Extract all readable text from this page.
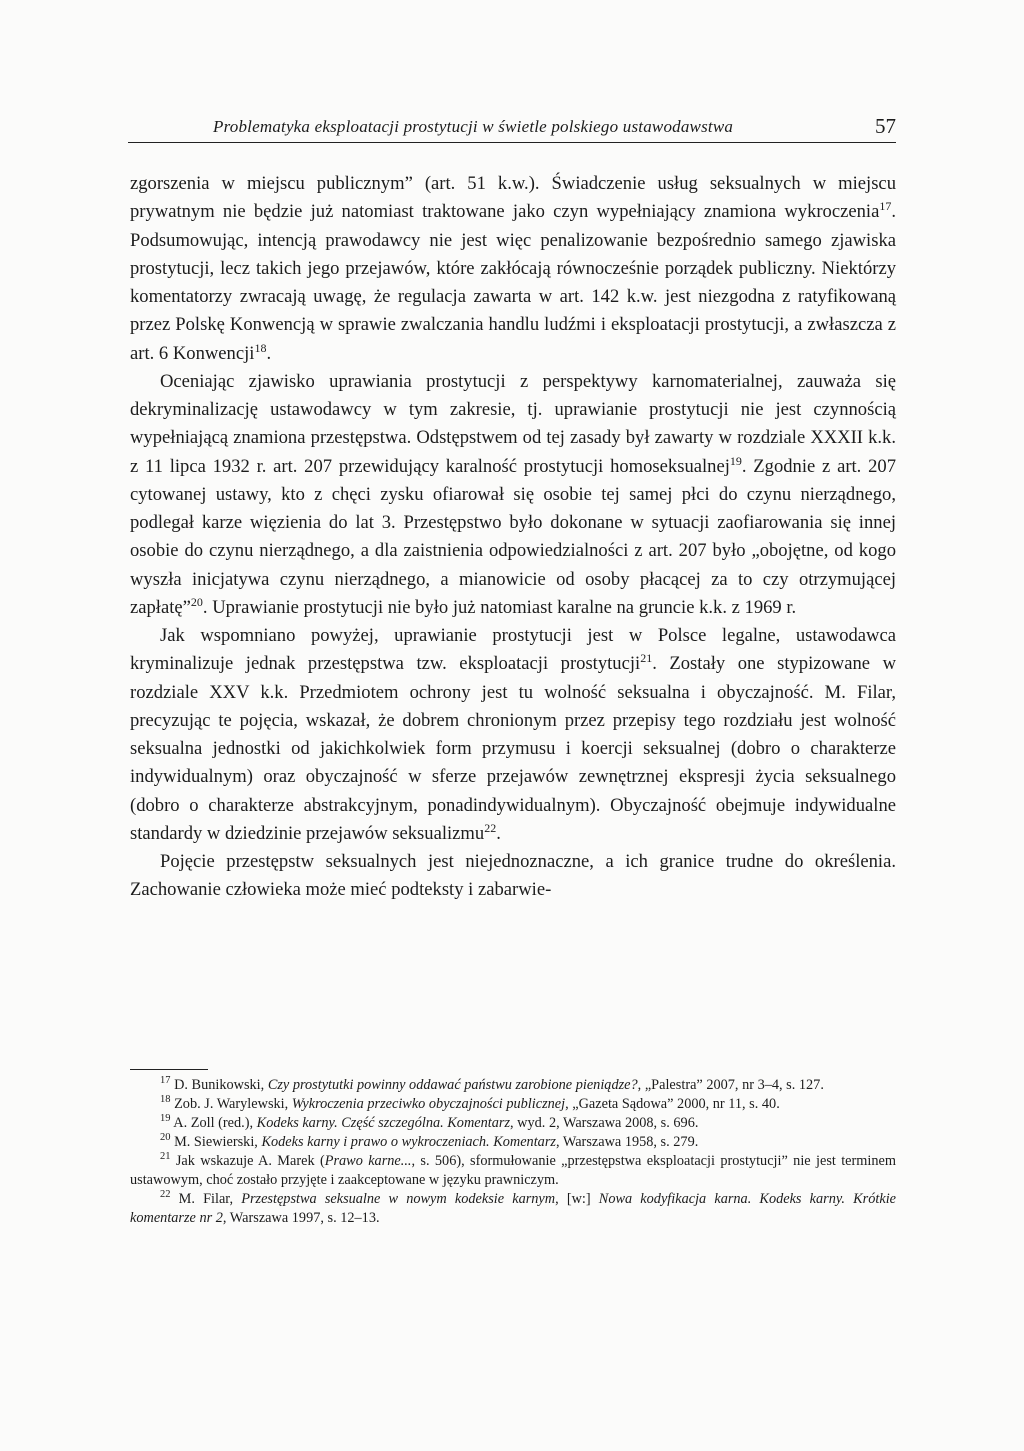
Problematyka eksploatacji prostytucji w świetle polskiego ustawodawstwa	57

zgorszenia w miejscu publicznym” (art. 51 k.w.). Świadczenie usług seksualnych w miejscu prywatnym nie będzie już natomiast traktowane jako czyn wypełniający znamiona wykroczenia$^{17}$. Podsumowując, intencją prawodawcy nie jest więc penalizowanie bezpośrednio samego zjawiska prostytucji, lecz takich jego przejawów, które zakłócają równocześnie porządek publiczny. Niektórzy komentatorzy zwracają uwagę, że regulacja zawarta w art. 142 k.w. jest niezgodna z ratyfikowaną przez Polskę Konwencją w sprawie zwalczania handlu ludźmi i eksploatacji prostytucji, a zwłaszcza z art. 6 Konwencji$^{18}$.

Oceniając zjawisko uprawiania prostytucji z perspektywy karnomaterialnej, zauważa się dekryminalizację ustawodawcy w tym zakresie, tj. uprawianie prostytucji nie jest czynnością wypełniającą znamiona przestępstwa. Odstępstwem od tej zasady był zawarty w rozdziale XXXII k.k. z 11 lipca 1932 r. art. 207 przewidujący karalność prostytucji homoseksualnej$^{19}$. Zgodnie z art. 207 cytowanej ustawy, kto z chęci zysku ofiarował się osobie tej samej płci do czynu nierządnego, podlegał karze więzienia do lat 3. Przestępstwo było dokonane w sytuacji zaofiarowania się innej osobie do czynu nierządnego, a dla zaistnienia odpowiedzialności z art. 207 było „obojętne, od kogo wyszła inicjatywa czynu nierządnego, a mianowicie od osoby płacącej za to czy otrzymującej zapłatę”$^{20}$. Uprawianie prostytucji nie było już natomiast karalne na gruncie k.k. z 1969 r.

Jak wspomniano powyżej, uprawianie prostytucji jest w Polsce legalne, ustawodawca kryminalizuje jednak przestępstwa tzw. eksploatacji prostytucji$^{21}$. Zostały one stypizowane w rozdziale XXV k.k. Przedmiotem ochrony jest tu wolność seksualna i obyczajność. M. Filar, precyzując te pojęcia, wskazał, że dobrem chronionym przez przepisy tego rozdziału jest wolność seksualna jednostki od jakichkolwiek form przymusu i koercji seksualnej (dobro o charakterze indywidualnym) oraz obyczajność w sferze przejawów zewnętrznej ekspresji życia seksualnego (dobro o charakterze abstrakcyjnym, ponadindywidualnym). Obyczajność obejmuje indywidualne standardy w dziedzinie przejawów seksualizmu$^{22}$.

Pojęcie przestępstw seksualnych jest niejednoznaczne, a ich granice trudne do określenia. Zachowanie człowieka może mieć podteksty i zabarwie-

$^{17}$ D. Bunikowski, Czy prostytutki powinny oddawać państwu zarobione pieniądze?, „Palestra” 2007, nr 3–4, s. 127.

$^{18}$ Zob. J. Warylewski, Wykroczenia przeciwko obyczajności publicznej, „Gazeta Sądowa” 2000, nr 11, s. 40.

$^{19}$ A. Zoll (red.), Kodeks karny. Część szczególna. Komentarz, wyd. 2, Warszawa 2008, s. 696.

$^{20}$ M. Siewierski, Kodeks karny i prawo o wykroczeniach. Komentarz, Warszawa 1958, s. 279.

$^{21}$ Jak wskazuje A. Marek (Prawo karne..., s. 506), sformułowanie „przestępstwa eksploatacji prostytucji” nie jest terminem ustawowym, choć zostało przyjęte i zaakceptowane w języku prawniczym.

$^{22}$ M. Filar, Przestępstwa seksualne w nowym kodeksie karnym, [w:] Nowa kodyfikacja karna. Kodeks karny. Krótkie komentarze nr 2, Warszawa 1997, s. 12–13.
